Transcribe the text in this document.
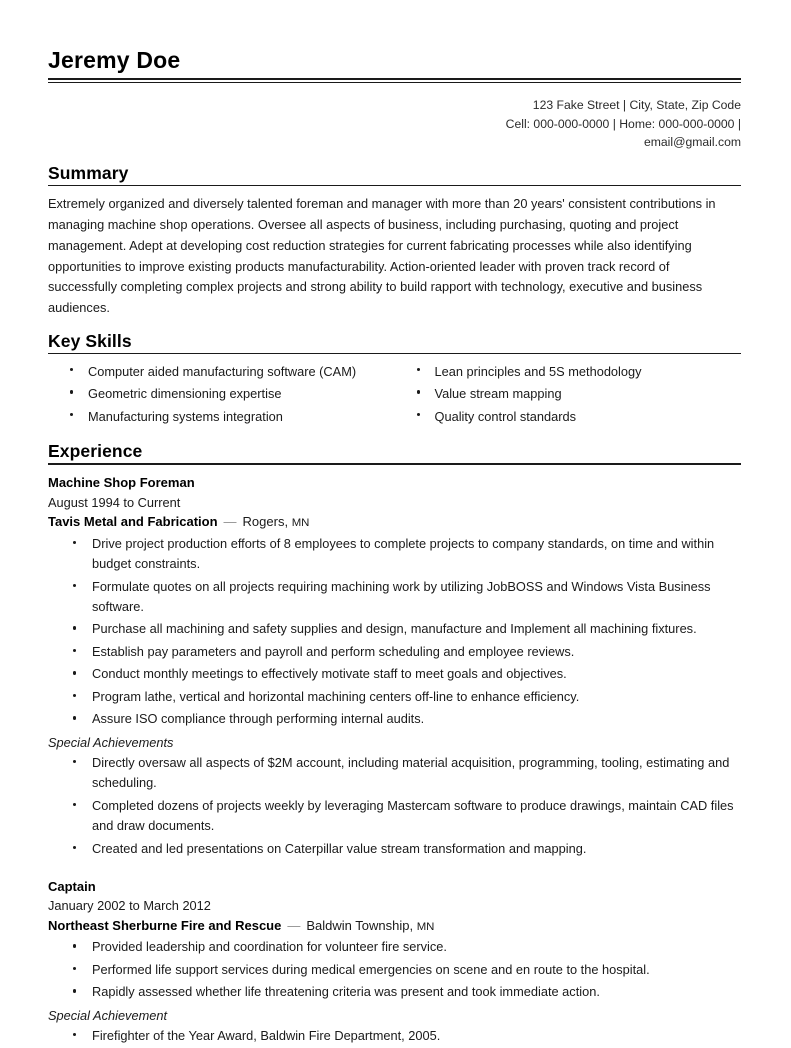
Jeremy Doe
123 Fake Street | City, State, Zip Code
Cell: 000-000-0000 | Home: 000-000-0000 |
email@gmail.com
Summary

Extremely organized and diversely talented foreman and manager with more than 20 years' consistent contributions in managing machine shop operations. Oversee all aspects of business, including purchasing, quoting and project management. Adept at developing cost reduction strategies for current fabricating processes while also identifying opportunities to improve existing products manufacturability. Action-oriented leader with proven track record of successfully completing complex projects and strong ability to build rapport with technology, executive and business audiences.

Key Skills
Computer aided manufacturing software (CAM)
Geometric dimensioning expertise
Manufacturing systems integration
Lean principles and 5S methodology
Value stream mapping
Quality control standards
Experience
Machine Shop Foreman
August 1994 to Current
Tavis Metal and Fabrication — Rogers, MN
Drive project production efforts of 8 employees to complete projects to company standards, on time and within budget constraints.
Formulate quotes on all projects requiring machining work by utilizing JobBOSS and Windows Vista Business software.
Purchase all machining and safety supplies and design, manufacture and Implement all machining fixtures.
Establish pay parameters and payroll and perform scheduling and employee reviews.
Conduct monthly meetings to effectively motivate staff to meet goals and objectives.
Program lathe, vertical and horizontal machining centers off-line to enhance efficiency.
Assure ISO compliance through performing internal audits.
Special Achievements
Directly oversaw all aspects of $2M account, including material acquisition, programming, tooling, estimating and scheduling.
Completed dozens of projects weekly by leveraging Mastercam software to produce drawings, maintain CAD files and draw documents.
Created and led presentations on Caterpillar value stream transformation and mapping.
Captain
January 2002 to March 2012
Northeast Sherburne Fire and Rescue — Baldwin Township, MN
Provided leadership and coordination for volunteer fire service.
Performed life support services during medical emergencies on scene and en route to the hospital.
Rapidly assessed whether life threatening criteria was present and took immediate action.
Special Achievement
Firefighter of the Year Award, Baldwin Fire Department, 2005.
